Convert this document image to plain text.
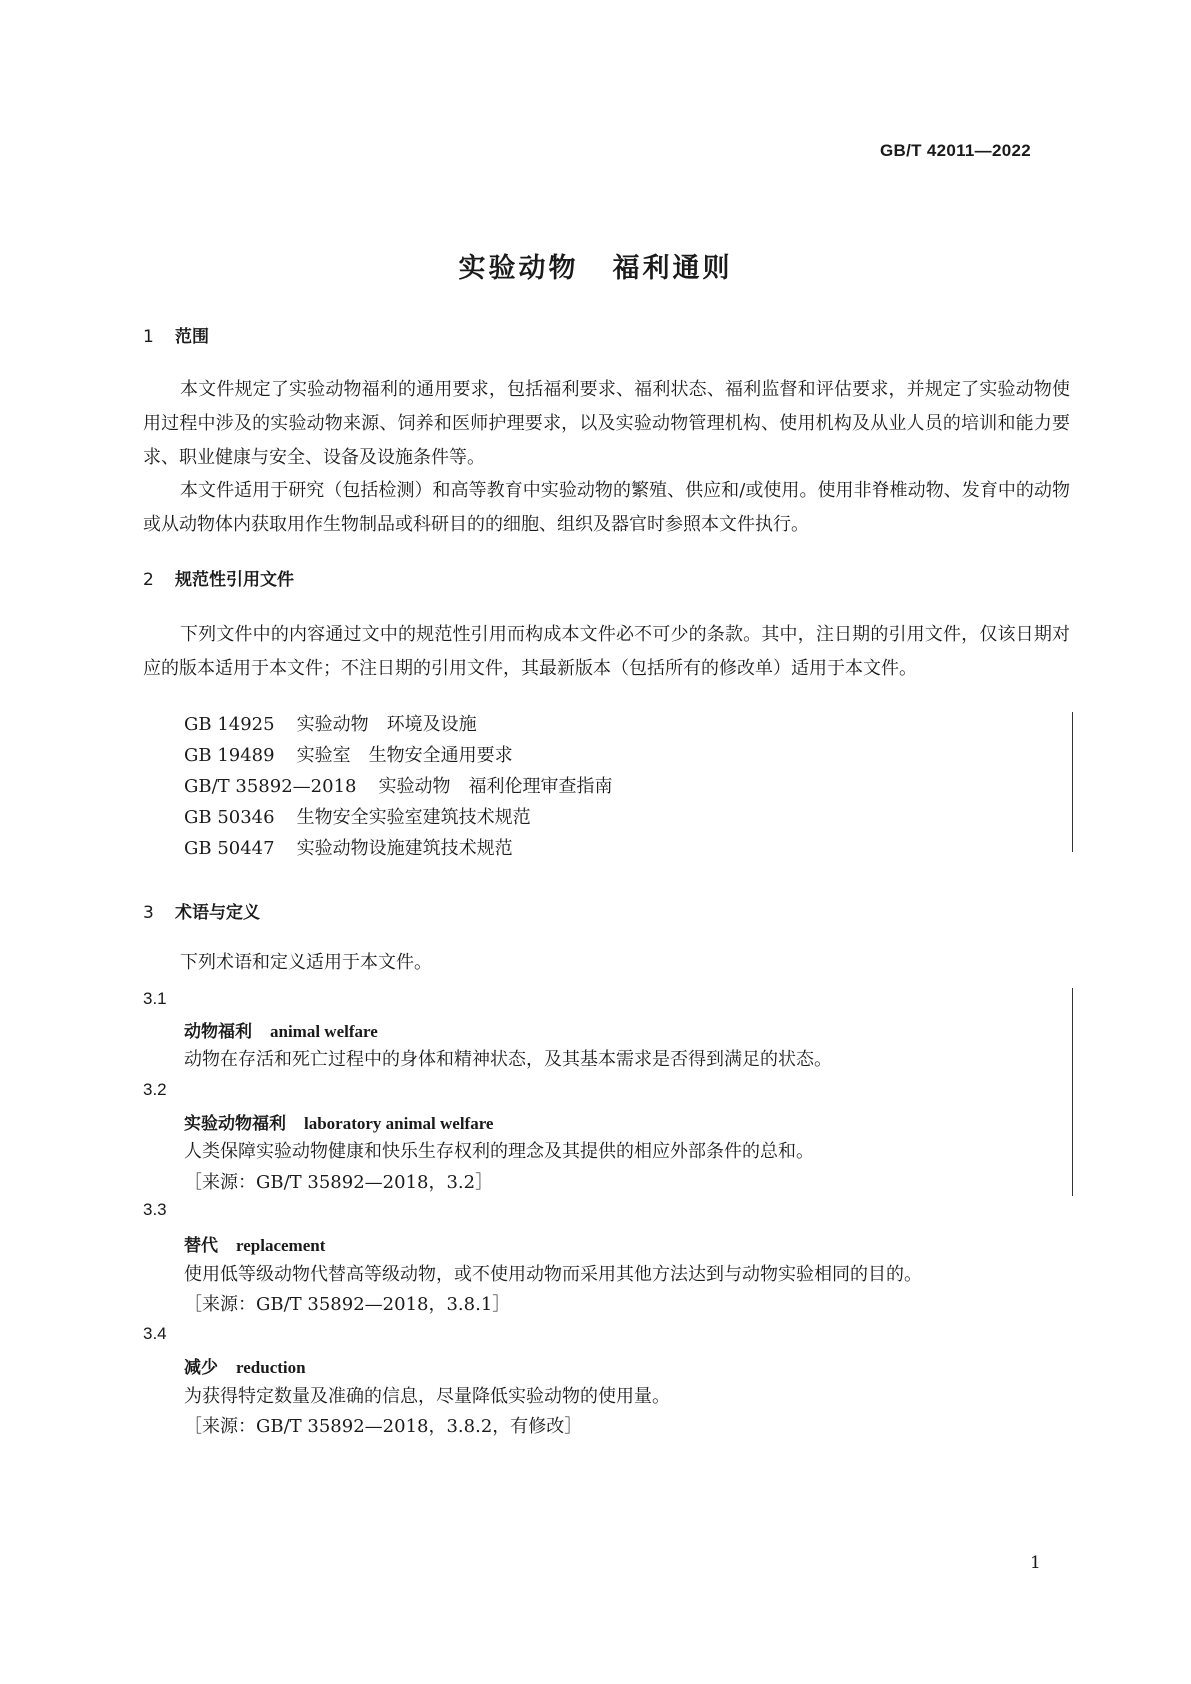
GB/T 42011—2022
实验动物 福利通则
1 范围
本文件规定了实验动物福利的通用要求，包括福利要求、福利状态、福利监督和评估要求，并规定了实验动物使用过程中涉及的实验动物来源、饲养和医师护理要求，以及实验动物管理机构、使用机构及从业人员的培训和能力要求、职业健康与安全、设备及设施条件等。
本文件适用于研究（包括检测）和高等教育中实验动物的繁殖、供应和/或使用。使用非脊椎动物、发育中的动物或从动物体内获取用作生物制品或科研目的的细胞、组织及器官时参照本文件执行。
2 规范性引用文件
下列文件中的内容通过文中的规范性引用而构成本文件必不可少的条款。其中，注日期的引用文件，仅该日期对应的版本适用于本文件；不注日期的引用文件，其最新版本（包括所有的修改单）适用于本文件。
GB 14925 实验动物　环境及设施
GB 19489 实验室　生物安全通用要求
GB/T 35892—2018 实验动物　福利伦理审查指南
GB 50346 生物安全实验室建筑技术规范
GB 50447 实验动物设施建筑技术规范
3 术语与定义
下列术语和定义适用于本文件。
3.1
动物福利 animal welfare
动物在存活和死亡过程中的身体和精神状态，及其基本需求是否得到满足的状态。
3.2
实验动物福利 laboratory animal welfare
人类保障实验动物健康和快乐生存权利的理念及其提供的相应外部条件的总和。
［来源：GB/T 35892—2018，3.2］
3.3
替代 replacement
使用低等级动物代替高等级动物，或不使用动物而采用其他方法达到与动物实验相同的目的。
［来源：GB/T 35892—2018，3.8.1］
3.4
减少 reduction
为获得特定数量及准确的信息，尽量降低实验动物的使用量。
［来源：GB/T 35892—2018，3.8.2，有修改］
1
